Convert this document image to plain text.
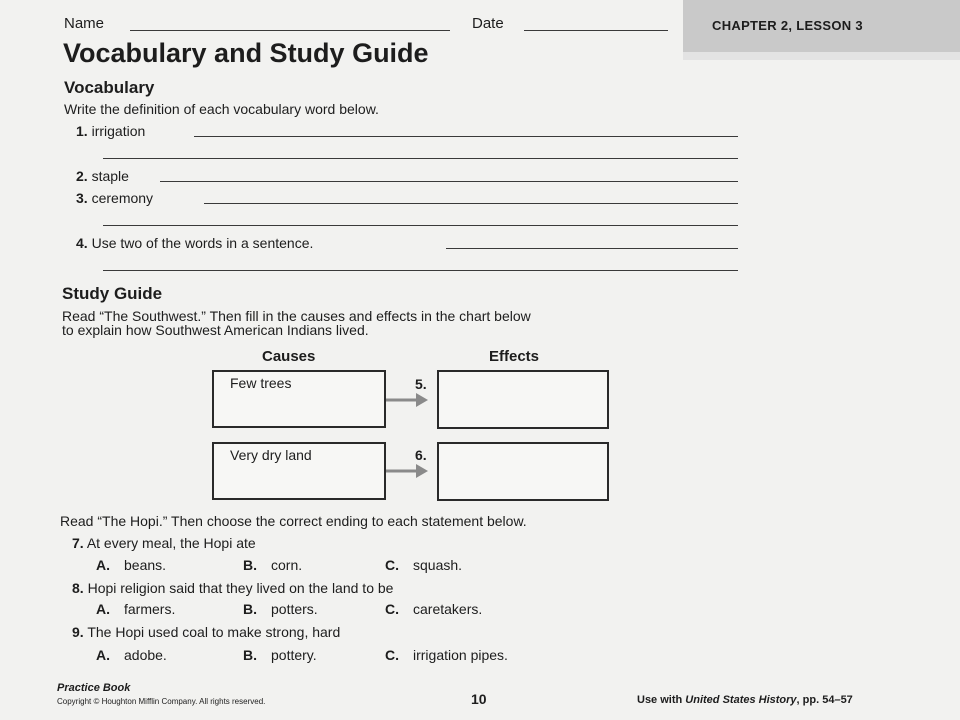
CHAPTER 2, LESSON 3
Name	Date
Vocabulary and Study Guide
Vocabulary
Write the definition of each vocabulary word below.
1. irrigation
2. staple
3. ceremony
4. Use two of the words in a sentence.
Study Guide
Read “The Southwest.” Then fill in the causes and effects in the chart below
to explain how Southwest American Indians lived.
Causes	Effects
Few trees	5.
Very dry land	6.
Read “The Hopi.” Then choose the correct ending to each statement below.
7. At every meal, the Hopi ate
A. beans.	B. corn.	C. squash.
8. Hopi religion said that they lived on the land to be
A. farmers.	B. potters.	C. caretakers.
9. The Hopi used coal to make strong, hard
A. adobe.	B. pottery.	C. irrigation pipes.
Practice Book
Copyright © Houghton Mifflin Company. All rights reserved.	10	Use with United States History, pp. 54–57
